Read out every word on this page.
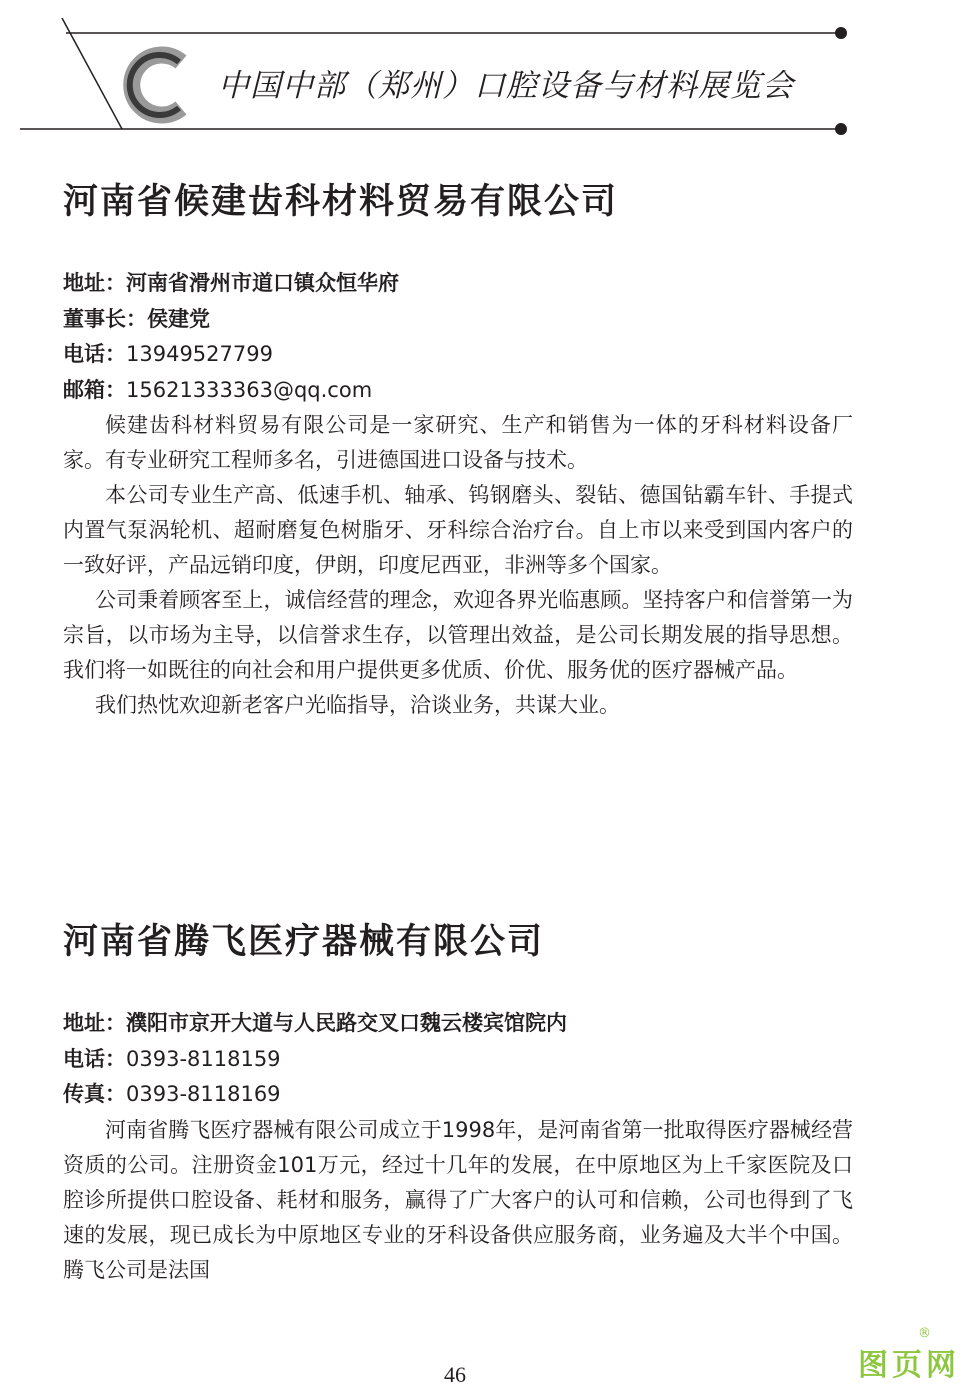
中国中部（郑州）口腔设备与材料展览会
河南省候建齿科材料贸易有限公司
地址：河南省滑州市道口镇众恒华府
董事长：侯建党
电话：13949527799
邮箱：15621333363@qq.com

候建齿科材料贸易有限公司是一家研究、生产和销售为一体的牙科材料设备厂家。有专业研究工程师多名，引进德国进口设备与技术。

本公司专业生产高、低速手机、轴承、钨钢磨头、裂钻、德国钻霸车针、手提式内置气泵涡轮机、超耐磨复色树脂牙、牙科综合治疗台。自上市以来受到国内客户的一致好评，产品远销印度，伊朗，印度尼西亚，非洲等多个国家。

公司秉着顾客至上，诚信经营的理念，欢迎各界光临惠顾。坚持客户和信誉第一为宗旨，以市场为主导，以信誉求生存，以管理出效益，是公司长期发展的指导思想。我们将一如既往的向社会和用户提供更多优质、价优、服务优的医疗器械产品。

我们热忱欢迎新老客户光临指导，洽谈业务，共谋大业。

河南省腾飞医疗器械有限公司
地址：濮阳市京开大道与人民路交叉口魏云楼宾馆院内
电话：0393-8118159
传真：0393-8118169

河南省腾飞医疗器械有限公司成立于1998年，是河南省第一批取得医疗器械经营资质的公司。注册资金101万元，经过十几年的发展，在中原地区为上千家医院及口腔诊所提供口腔设备、耗材和服务，赢得了广大客户的认可和信赖，公司也得到了飞速的发展，现已成长为中原地区专业的牙科设备供应服务商，业务遍及大半个中国。腾飞公司是法国

46	图页网
®
